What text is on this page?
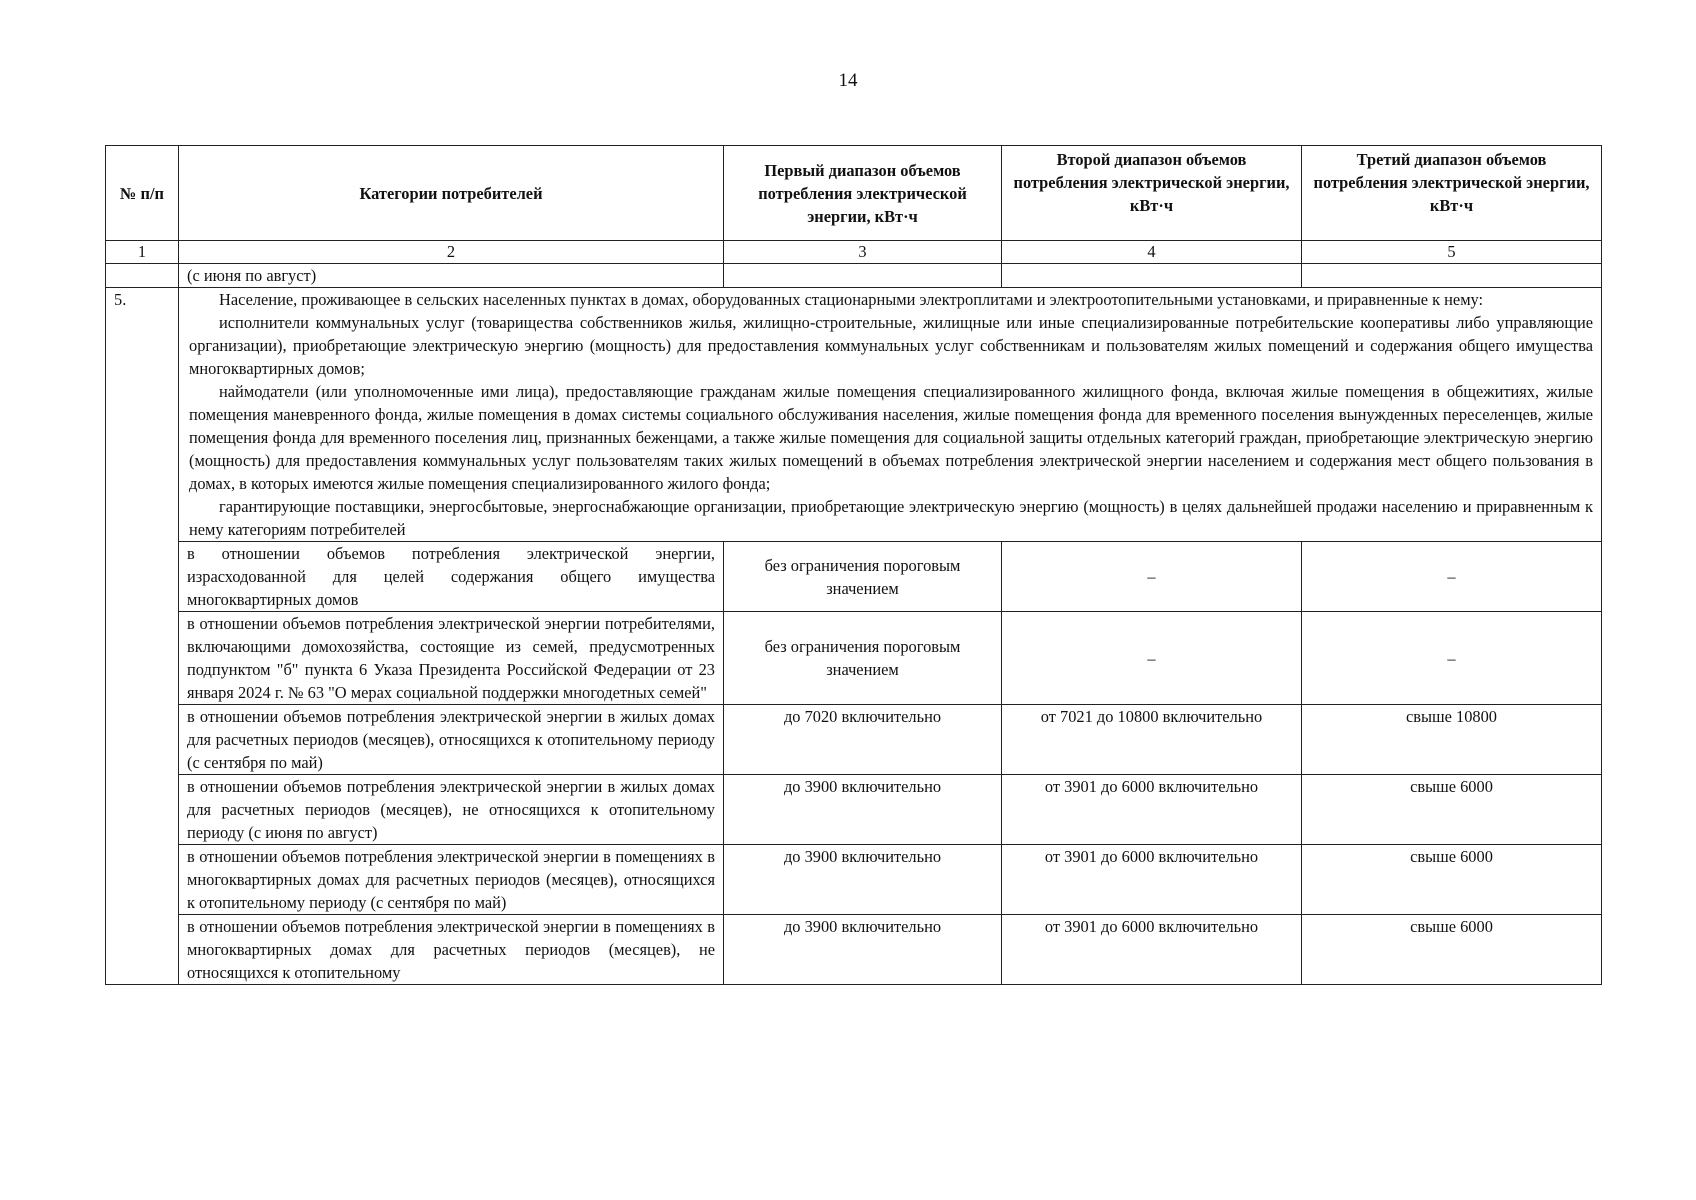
14
№ п/п	Категории потребителей	Первый диапазон объемов потребления электрической энергии, кВт·ч	Второй диапазон объемов потребления электрической энергии, кВт·ч	Третий диапазон объемов потребления электрической энергии, кВт·ч
1	2	3	4	5
	(с июня по август)			
5.	Население, проживающее в сельских населенных пунктах в домах, оборудованных стационарными электроплитами и электроотопительными установками, и приравненные к нему:

исполнители коммунальных услуг (товарищества собственников жилья, жилищно-строительные, жилищные или иные специализированные потребительские кооперативы либо управляющие организации), приобретающие электрическую энергию (мощность) для предоставления коммунальных услуг собственникам и пользователям жилых помещений и содержания общего имущества многоквартирных домов;

наймодатели (или уполномоченные ими лица), предоставляющие гражданам жилые помещения специализированного жилищного фонда, включая жилые помещения в общежитиях, жилые помещения маневренного фонда, жилые помещения в домах системы социального обслуживания населения, жилые помещения фонда для временного поселения вынужденных переселенцев, жилые помещения фонда для временного поселения лиц, признанных беженцами, а также жилые помещения для социальной защиты отдельных категорий граждан, приобретающие электрическую энергию (мощность) для предоставления коммунальных услуг пользователям таких жилых помещений в объемах потребления электрической энергии населением и содержания мест общего пользования в домах, в которых имеются жилые помещения специализированного жилого фонда;

гарантирующие поставщики, энергосбытовые, энергоснабжающие организации, приобретающие электрическую энергию (мощность) в целях дальнейшей продажи населению и приравненным к нему категориям потребителей			

	в отношении объемов потребления электрической энергии, израсходованной для целей содержания общего имущества многоквартирных домов	без ограничения пороговым значением	–	–
	в отношении объемов потребления электрической энергии потребителями, включающими домохозяйства, состоящие из семей, предусмотренных подпунктом "б" пункта 6 Указа Президента Российской Федерации от 23 января 2024 г. № 63 "О мерах социальной поддержки многодетных семей"	без ограничения пороговым значением	–	–
	в отношении объемов потребления электрической энергии в жилых домах для расчетных периодов (месяцев), относящихся к отопительному периоду (с сентября по май)	до 7020 включительно	от 7021 до 10800 включительно	свыше 10800
	в отношении объемов потребления электрической энергии в жилых домах для расчетных периодов (месяцев), не относящихся к отопительному периоду (с июня по август)	до 3900 включительно	от 3901 до 6000 включительно	свыше 6000
	в отношении объемов потребления электрической энергии в помещениях в многоквартирных домах для расчетных периодов (месяцев), относящихся к отопительному периоду (с сентября по май)	до 3900 включительно	от 3901 до 6000 включительно	свыше 6000
	в отношении объемов потребления электрической энергии в помещениях в многоквартирных домах для расчетных периодов (месяцев), не относящихся к отопительному	до 3900 включительно	от 3901 до 6000 включительно	свыше 6000
